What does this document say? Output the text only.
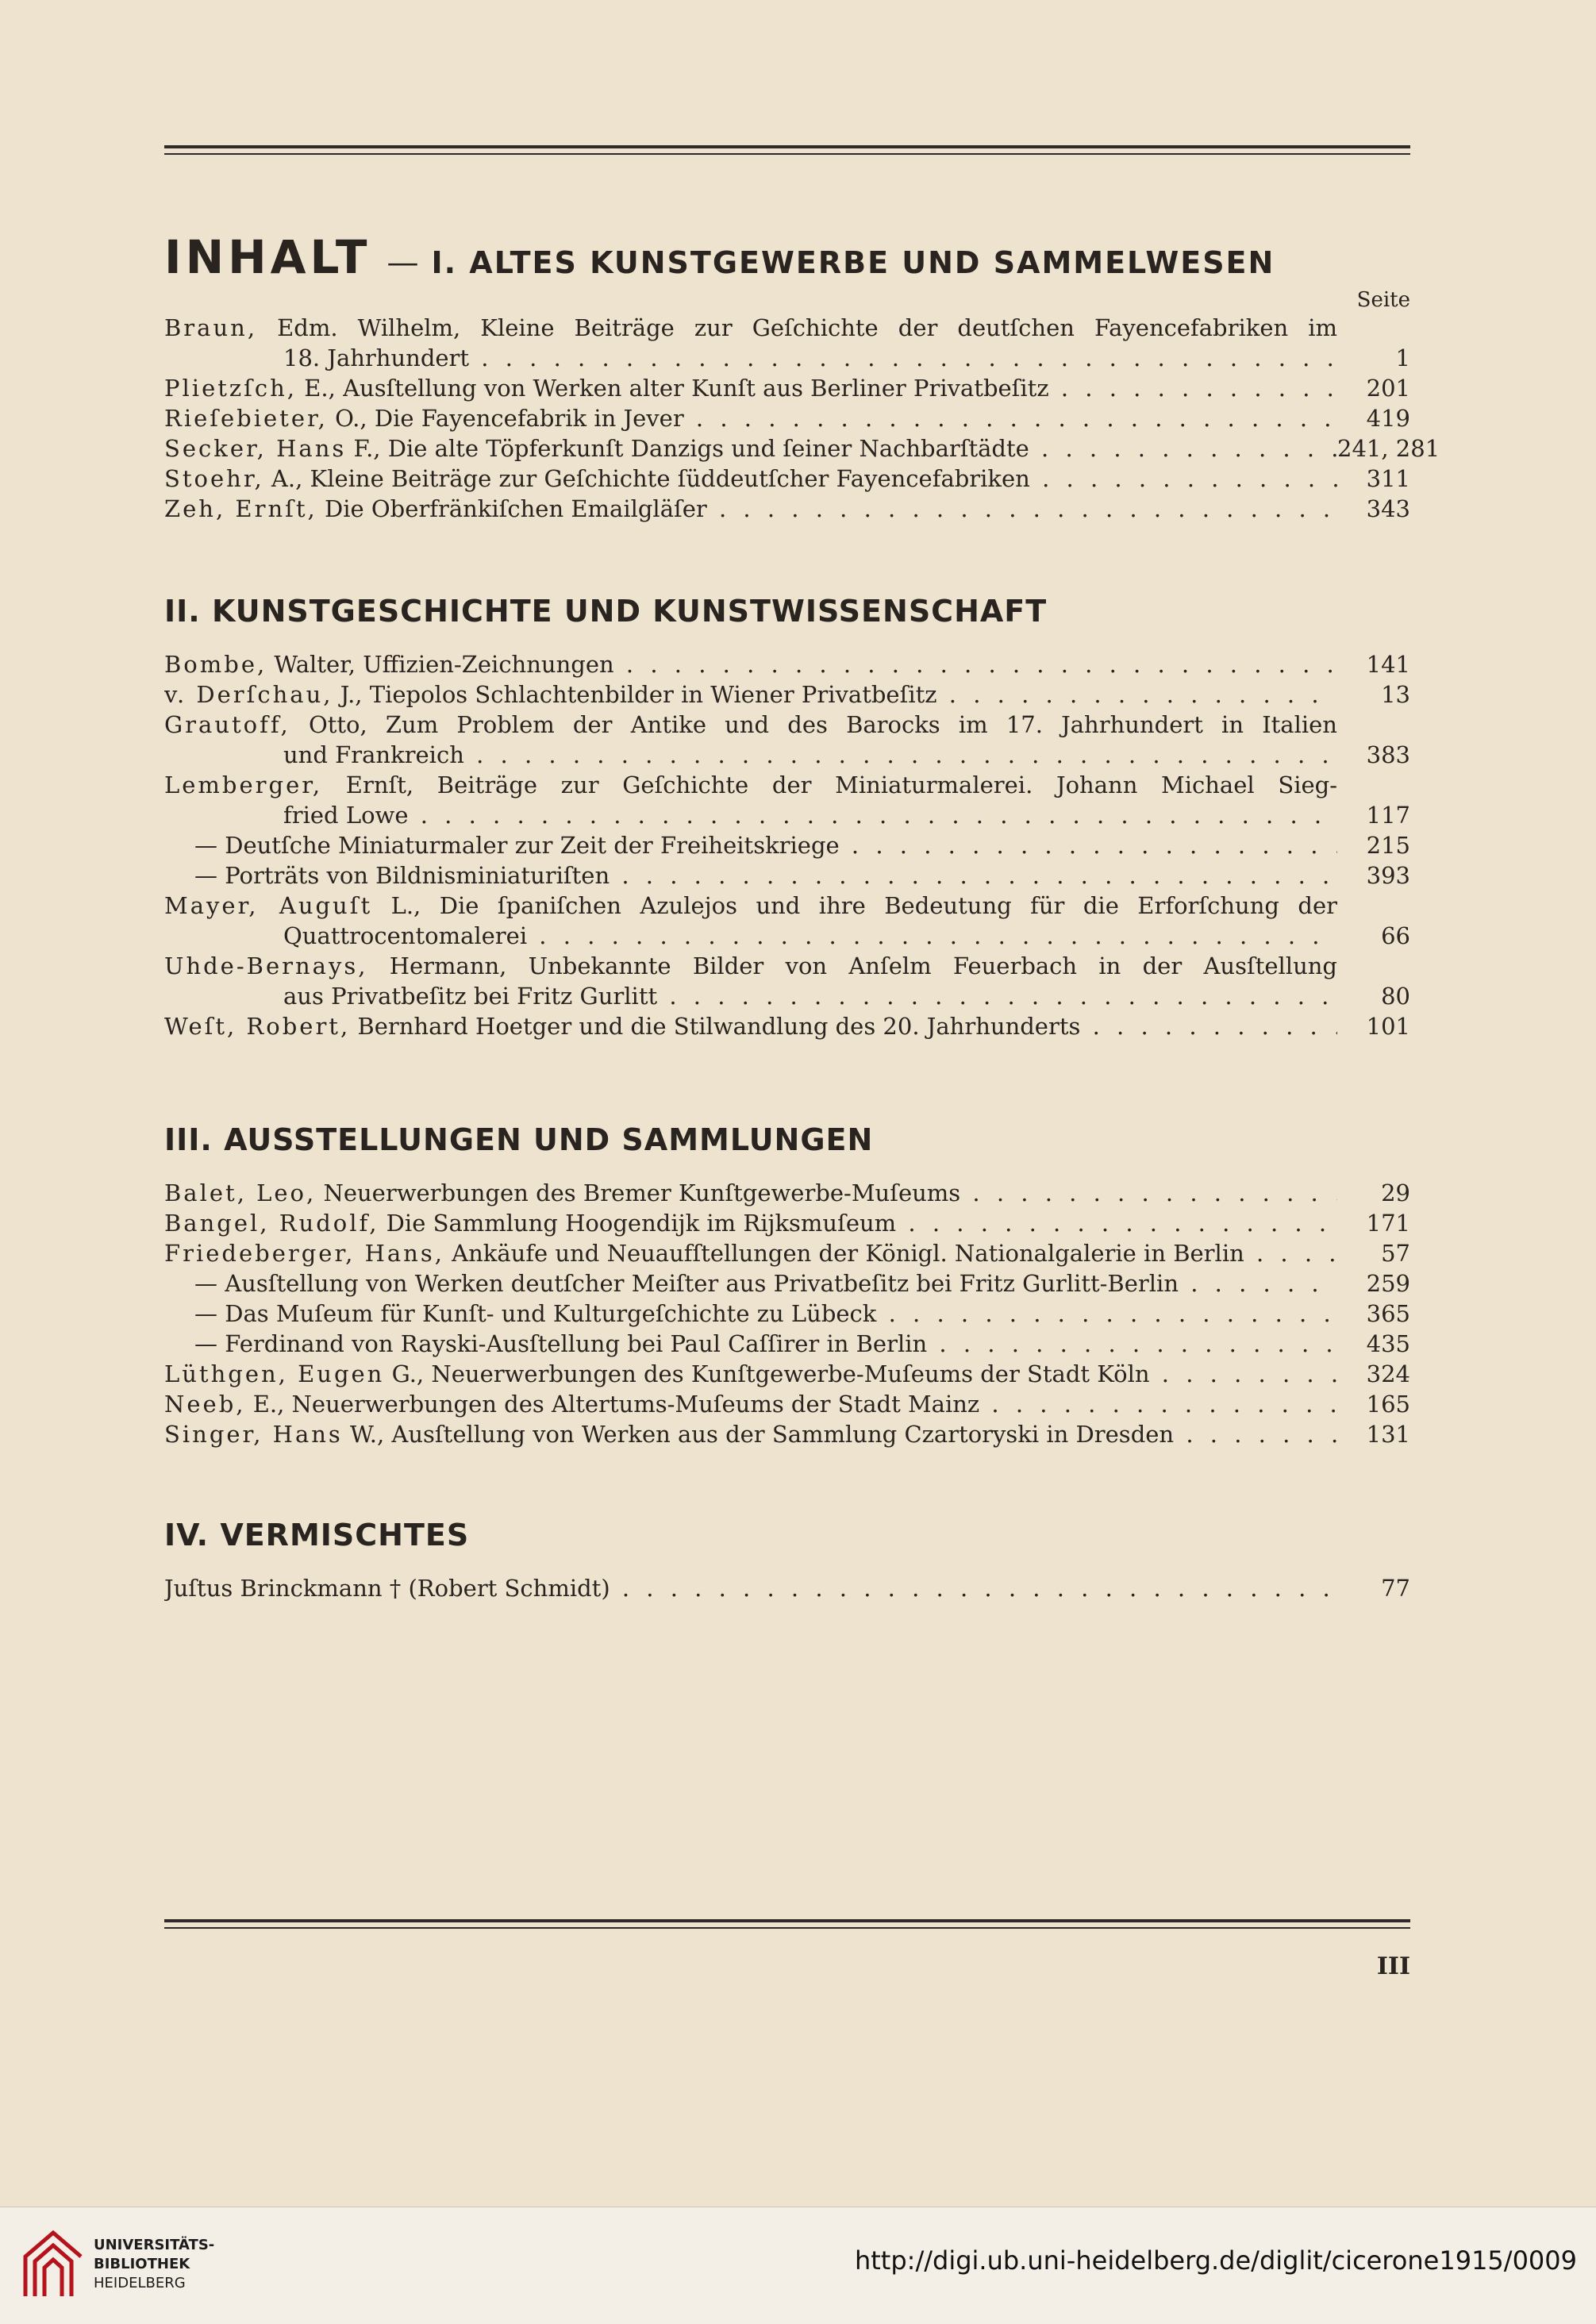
INHALT — I. ALTES KUNSTGEWERBE UND SAMMELWESEN
Seite
Braun, Edm. Wilhelm, Kleine Beiträge zur Geſchichte der deutſchen Fayencefabriken im
18. Jahrhundert . . .	1
Plietzſch, E., Ausſtellung von Werken alter Kunſt aus Berliner Privatbeſitz . . .	201
Rieſebieter, O., Die Fayencefabrik in Jever . . .	419
Secker, Hans F., Die alte Töpferkunſt Danzigs und ſeiner Nachbarſtädte . . .	241, 281
Stoehr, A., Kleine Beiträge zur Geſchichte ſüddeutſcher Fayencefabriken . . .	311
Zeh, Ernſt, Die Oberfränkiſchen Emailgläſer . . .	343
II. KUNSTGESCHICHTE UND KUNSTWISSENSCHAFT
Bombe, Walter, Uffizien-Zeichnungen . . .	141
v. Derſchau, J., Tiepolos Schlachtenbilder in Wiener Privatbeſitz . . .	13
Grautoff, Otto, Zum Problem der Antike und des Barocks im 17. Jahrhundert in Italien
und Frankreich . . .	383
Lemberger, Ernſt, Beiträge zur Geſchichte der Miniaturmalerei. Johann Michael Sieg-
fried Lowe . . .	117
— Deutſche Miniaturmaler zur Zeit der Freiheitskriege . . .	215
— Porträts von Bildnisminiaturiſten . . .	393
Mayer, Auguſt L., Die ſpaniſchen Azulejos und ihre Bedeutung für die Erforſchung der
Quattrocentomalerei . . .	66
Uhde-Bernays, Hermann, Unbekannte Bilder von Anſelm Feuerbach in der Ausſtellung
aus Privatbeſitz bei Fritz Gurlitt . . .	80
Weſt, Robert, Bernhard Hoetger und die Stilwandlung des 20. Jahrhunderts . . .	101
III. AUSSTELLUNGEN UND SAMMLUNGEN
Balet, Leo, Neuerwerbungen des Bremer Kunſtgewerbe-Muſeums . . .	29
Bangel, Rudolf, Die Sammlung Hoogendijk im Rijksmuſeum . . .	171
Friedeberger, Hans, Ankäufe und Neuaufſtellungen der Königl. Nationalgalerie in Berlin . . .	57
— Ausſtellung von Werken deutſcher Meiſter aus Privatbeſitz bei Fritz Gurlitt-Berlin . . .	259
— Das Muſeum für Kunſt- und Kulturgeſchichte zu Lübeck . . .	365
— Ferdinand von Rayski-Ausſtellung bei Paul Caſſirer in Berlin . . .	435
Lüthgen, Eugen G., Neuerwerbungen des Kunſtgewerbe-Muſeums der Stadt Köln . . .	324
Neeb, E., Neuerwerbungen des Altertums-Muſeums der Stadt Mainz . . .	165
Singer, Hans W., Ausſtellung von Werken aus der Sammlung Czartoryski in Dresden . . .	131
IV. VERMISCHTES
Juſtus Brinckmann † (Robert Schmidt) . . .	77
III
UNIVERSITÄTS-
BIBLIOTHEK
HEIDELBERG
http://digi.ub.uni-heidelberg.de/diglit/cicerone1915/0009
